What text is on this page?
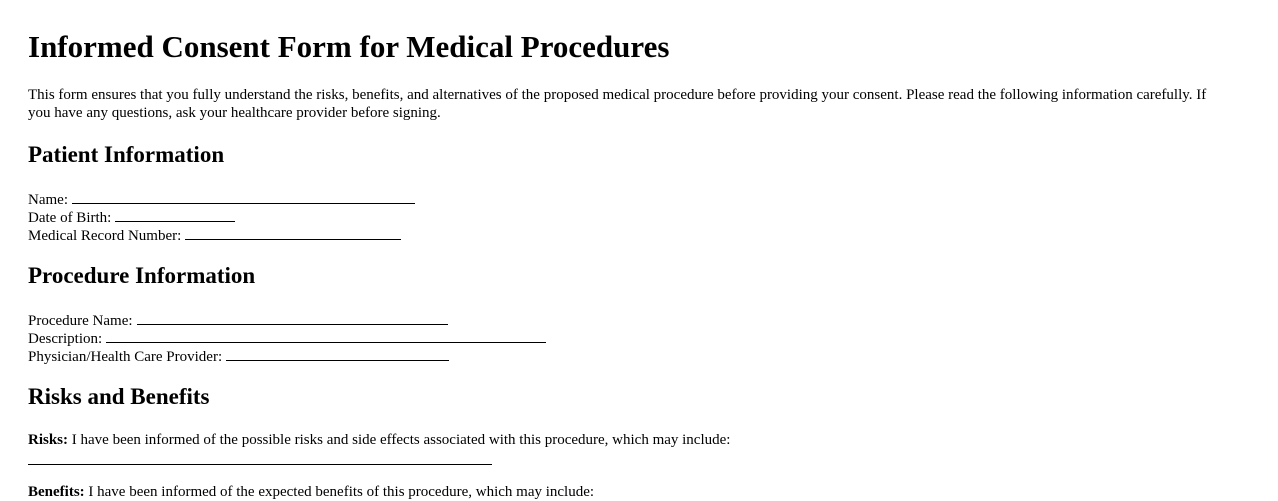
Informed Consent Form for Medical Procedures

This form ensures that you fully understand the risks, benefits, and alternatives of the proposed medical procedure before providing your consent. Please read the following information carefully. If you have any questions, ask your healthcare provider before signing.

Patient Information
Name:
Date of Birth:
Medical Record Number:
Procedure Information
Procedure Name:
Description:
Physician/Health Care Provider:
Risks and Benefits
Risks: I have been informed of the possible risks and side effects associated with this procedure, which may include:
Benefits: I have been informed of the expected benefits of this procedure, which may include:
